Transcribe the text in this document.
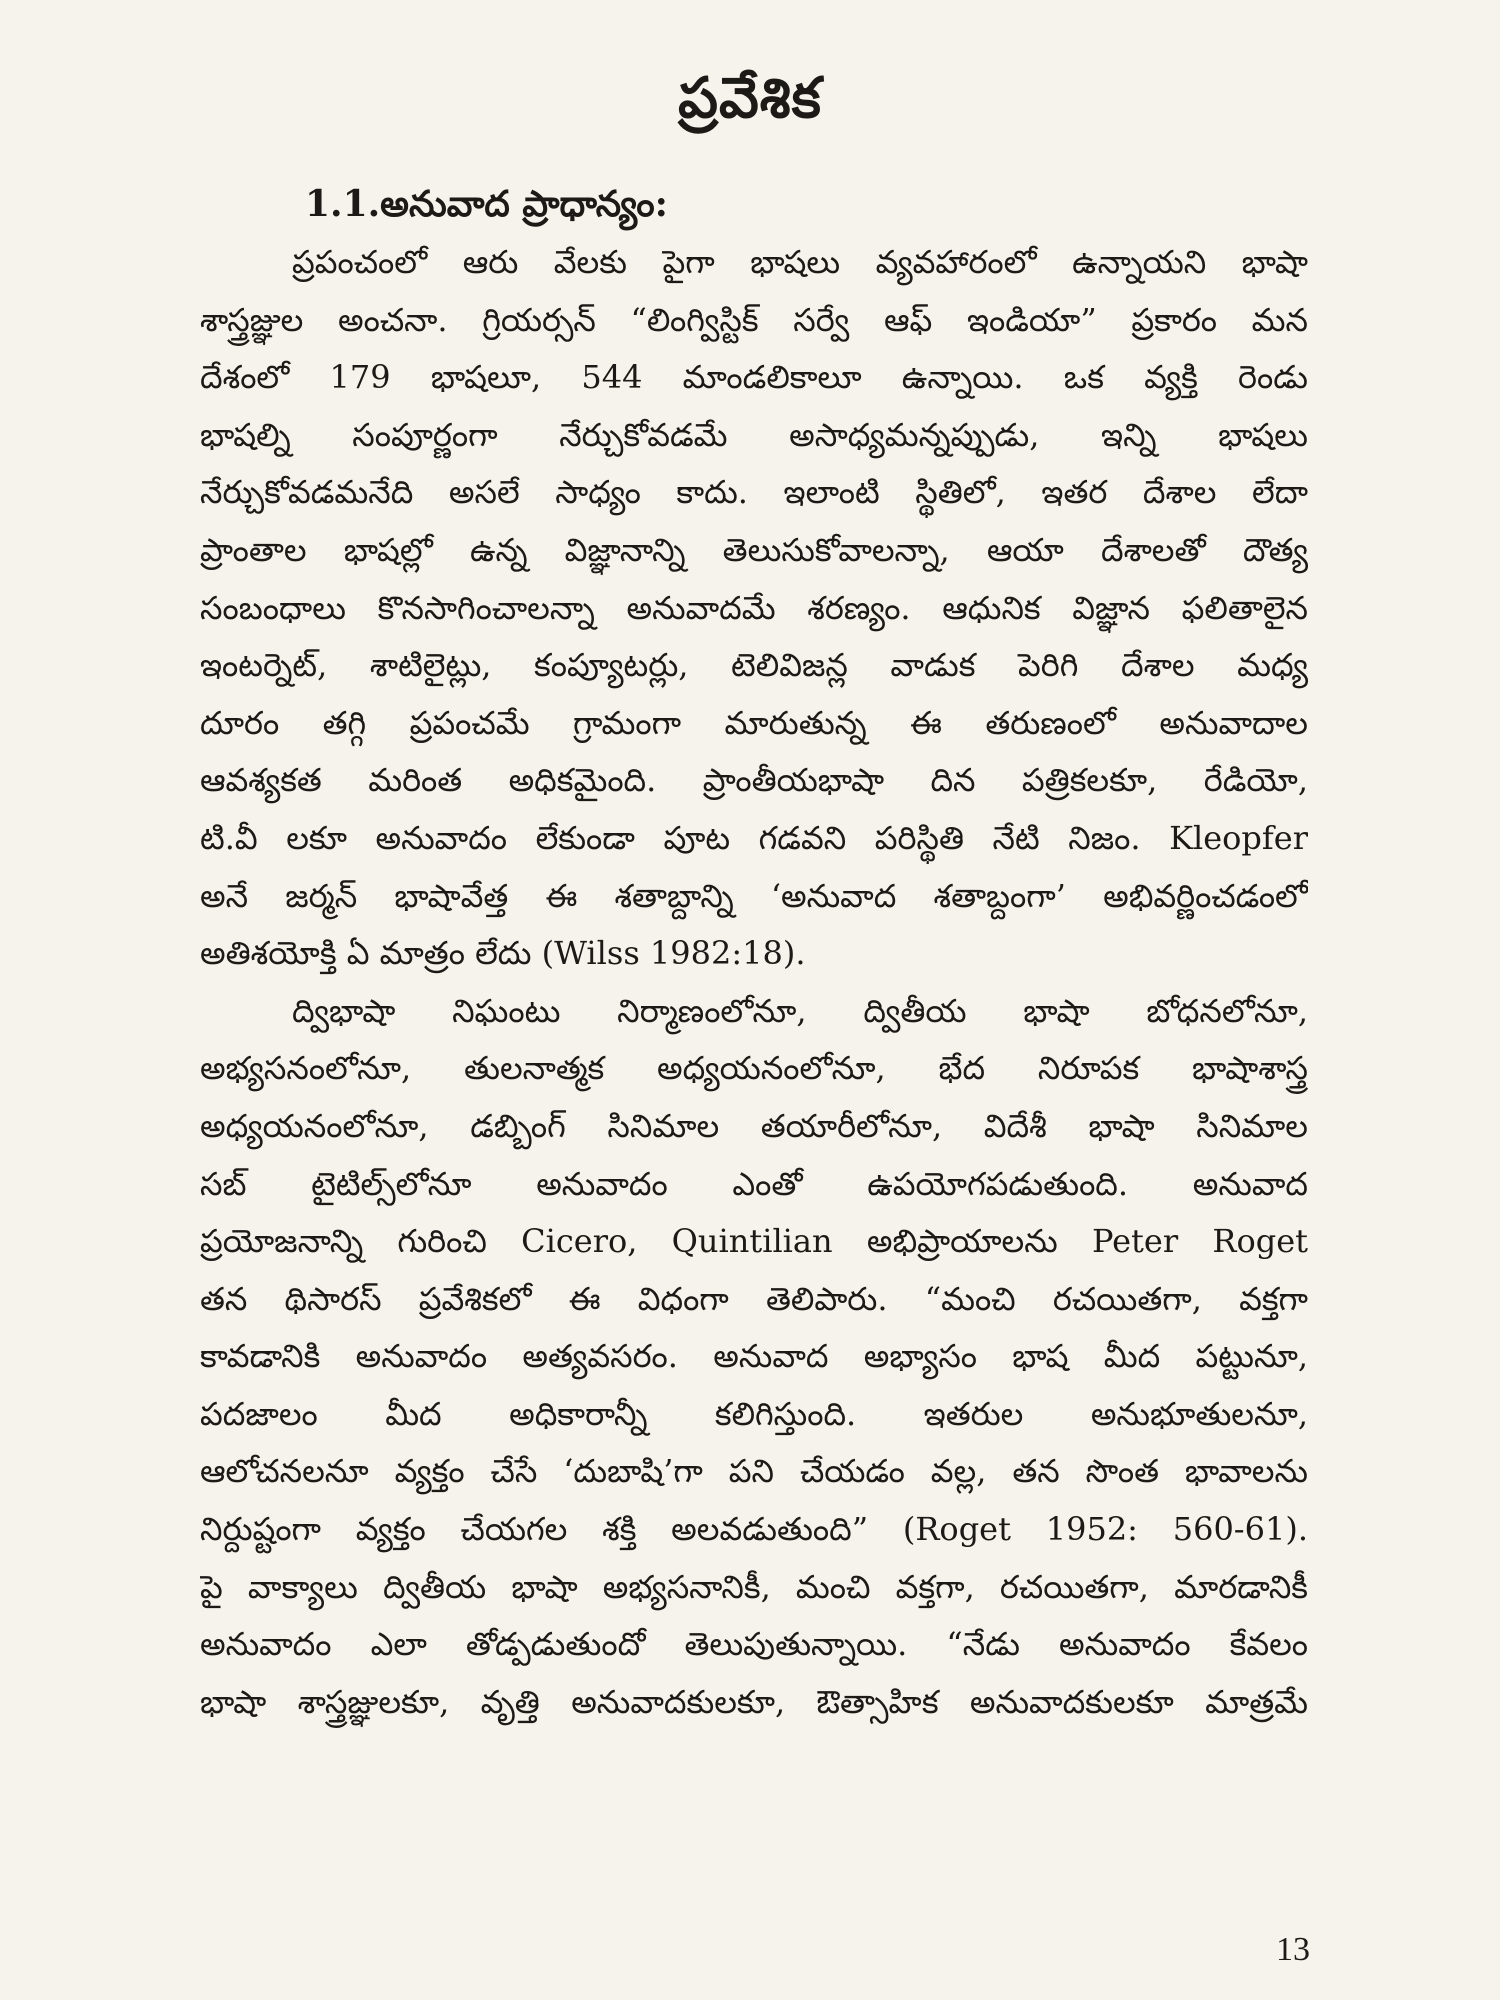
ప్రవేశిక
1.1.అనువాద ప్రాధాన్యం:
ప్రపంచంలో ఆరు వేలకు పైగా భాషలు వ్యవహారంలో ఉన్నాయని భాషా
శాస్త్రజ్ఞుల అంచనా. గ్రియర్సన్ “లింగ్విస్టిక్ సర్వే ఆఫ్ ఇండియా” ప్రకారం మన
దేశంలో 179 భాషలూ, 544 మాండలికాలూ ఉన్నాయి. ఒక వ్యక్తి రెండు
భాషల్ని సంపూర్ణంగా నేర్చుకోవడమే అసాధ్యమన్నప్పుడు, ఇన్ని భాషలు
నేర్చుకోవడమనేది అసలే సాధ్యం కాదు. ఇలాంటి స్థితిలో, ఇతర దేశాల లేదా
ప్రాంతాల భాషల్లో ఉన్న విజ్ఞానాన్ని తెలుసుకోవాలన్నా, ఆయా దేశాలతో దౌత్య
సంబంధాలు కొనసాగించాలన్నా అనువాదమే శరణ్యం. ఆధునిక విజ్ఞాన ఫలితాలైన
ఇంటర్నెట్, శాటిలైట్లు, కంప్యూటర్లు, టెలివిజన్ల వాడుక పెరిగి దేశాల మధ్య
దూరం తగ్గి ప్రపంచమే గ్రామంగా మారుతున్న ఈ తరుణంలో అనువాదాల
ఆవశ్యకత మరింత అధికమైంది. ప్రాంతీయభాషా దిన పత్రికలకూ, రేడియో,
టి.వీ లకూ అనువాదం లేకుండా పూట గడవని పరిస్థితి నేటి నిజం. Kleopfer
అనే జర్మన్ భాషావేత్త ఈ శతాబ్దాన్ని ‘అనువాద శతాబ్దంగా’ అభివర్ణించడంలో
అతిశయోక్తి ఏ మాత్రం లేదు (Wilss 1982:18).
ద్విభాషా నిఘంటు నిర్మాణంలోనూ, ద్వితీయ భాషా బోధనలోనూ,
అభ్యసనంలోనూ, తులనాత్మక అధ్యయనంలోనూ, భేద నిరూపక భాషాశాస్త్ర
అధ్యయనంలోనూ, డబ్బింగ్ సినిమాల తయారీలోనూ, విదేశీ భాషా సినిమాల
సబ్ టైటిల్స్‌లోనూ అనువాదం ఎంతో ఉపయోగపడుతుంది. అనువాద
ప్రయోజనాన్ని గురించి Cicero, Quintilian అభిప్రాయాలను Peter Roget
తన థిసారస్ ప్రవేశికలో ఈ విధంగా తెలిపారు. “మంచి రచయితగా, వక్తగా
కావడానికి అనువాదం అత్యవసరం. అనువాద అభ్యాసం భాష మీద పట్టునూ,
పదజాలం మీద అధికారాన్నీ కలిగిస్తుంది. ఇతరుల అనుభూతులనూ,
ఆలోచనలనూ వ్యక్తం చేసే ‘దుబాషి’గా పని చేయడం వల్ల, తన సొంత భావాలను
నిర్దుష్టంగా వ్యక్తం చేయగల శక్తి అలవడుతుంది” (Roget 1952: 560-61).
పై వాక్యాలు ద్వితీయ భాషా అభ్యసనానికీ, మంచి వక్తగా, రచయితగా, మారడానికీ
అనువాదం ఎలా తోడ్పడుతుందో తెలుపుతున్నాయి. “నేడు అనువాదం కేవలం
భాషా శాస్త్రజ్ఞులకూ, వృత్తి అనువాదకులకూ, ఔత్సాహిక అనువాదకులకూ మాత్రమే
13
